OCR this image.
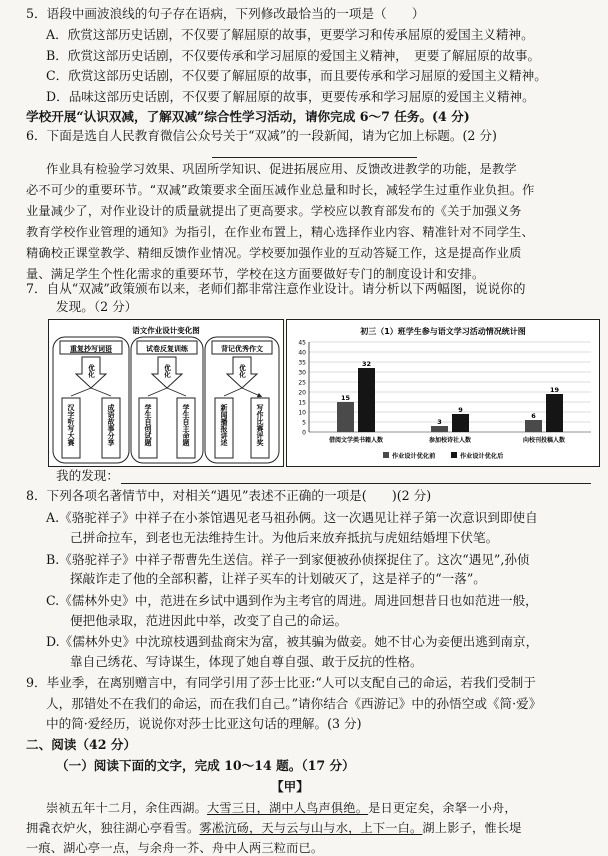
5．语段中画波浪线的句子存在语病，下列修改最恰当的一项是（　　）
A．欣赏这部历史话剧，不仅要了解屈原的故事，更要学习和传承屈原的爱国主义精神。
B．欣赏这部历史话剧，不仅要传承和学习屈原的爱国主义精神，　更要了解屈原的故事。
C．欣赏这部历史话剧，不仅要了解屈原的故事，而且要传承和学习屈原的爱国主义精神。
D．品味这部历史话剧，不仅要了解屈原的故事，更要传承和学习屈原的爱国主义精神。
学校开展“认识双减，了解双减”综合性学习活动，请你完成 6～7 任务。(4 分)
6．下面是选自人民教育微信公众号关于“双减”的一段新闻，请为它加上标题。(2 分)
作业具有检验学习效果、巩固所学知识、促进拓展应用、反馈改进教学的功能，是教学
必不可少的重要环节。“双减”政策要求全面压减作业总量和时长，减轻学生过重作业负担。作
业量减少了，对作业设计的质量就提出了更高要求。学校应以教育部发布的《关于加强义务
教育学校作业管理的通知》为指引，在作业布置上，精心选择作业内容、精准针对不同学生、
精确校正课堂教学、精细反馈作业情况。学校要加强作业的互动答疑工作，这是提高作业质
量、满足学生个性化需求的重要环节，学校在这方面要做好专门的制度设计和安排。
7．自从“双减”政策颁布以来，老师们都非常注意作业设计。请分析以下两幅图，说说你的
发现。（2 分）
语文作业设计变化图
重复抄写词语	试卷反复训练	背记优秀作文
优化	优化	优化
汉字听写大赛	成语故事分享	学生自创试题	学生自主命题	新闻播报讲述	写作比赛评奖
初三（1）班学生参与语文学习活动情况统计图
0
5
10
15
20
25
30
35
40
45
借阅文学类书籍人数	参加校诗社人数	向校刊投稿人数
15
32
3
9
6
19
作业设计优化前	作业设计优化后
我的发现：
8．下列各项名著情节中，对相关“遇见”表述不正确的一项是(　　)(2 分)
A.《骆驼祥子》中祥子在小茶馆遇见老马祖孙俩。这一次遇见让祥子第一次意识到即使自
己拼命拉车，到老也无法维持生计。为他后来放弃抵抗与虎妞结婚埋下伏笔。
B.《骆驼祥子》中祥子帮曹先生送信。祥子一到家便被孙侦探捉住了。这次“遇见”,孙侦
探敲诈走了他的全部积蓄，让祥子买车的计划破灭了，这是祥子的“一落”。
C.《儒林外史》中，范进在乡试中遇到作为主考官的周进。周进回想昔日也如范进一般，
便把他录取，范进因此中举，改变了自己的命运。
D.《儒林外史》中沈琼枝遇到盐商宋为富，被其骗为做妾。她不甘心为妾便出逃到南京，
靠自己绣花、写诗谋生，体现了她自尊自强、敢于反抗的性格。
9．毕业季，在离别赠言中，有同学引用了莎士比亚:“人可以支配自己的命运，若我们受制于
人，那错处不在我们的命运，而在我们自己。”请你结合《西游记》中的孙悟空或《简·爱》
中的简·爱经历，说说你对莎士比亚这句话的理解。(3 分)
二、阅读（42 分）
（一）阅读下面的文字，完成 10～14 题。（17 分）
【甲】
崇祯五年十二月，余住西湖。大雪三日，湖中人鸟声俱绝。是日更定矣，余拏一小舟，
拥毳衣炉火，独往湖心亭看雪。雾凇沆砀，天与云与山与水，上下一白。湖上影子，惟长堤
一痕、湖心亭一点，与余舟一芥、舟中人两三粒而已。
